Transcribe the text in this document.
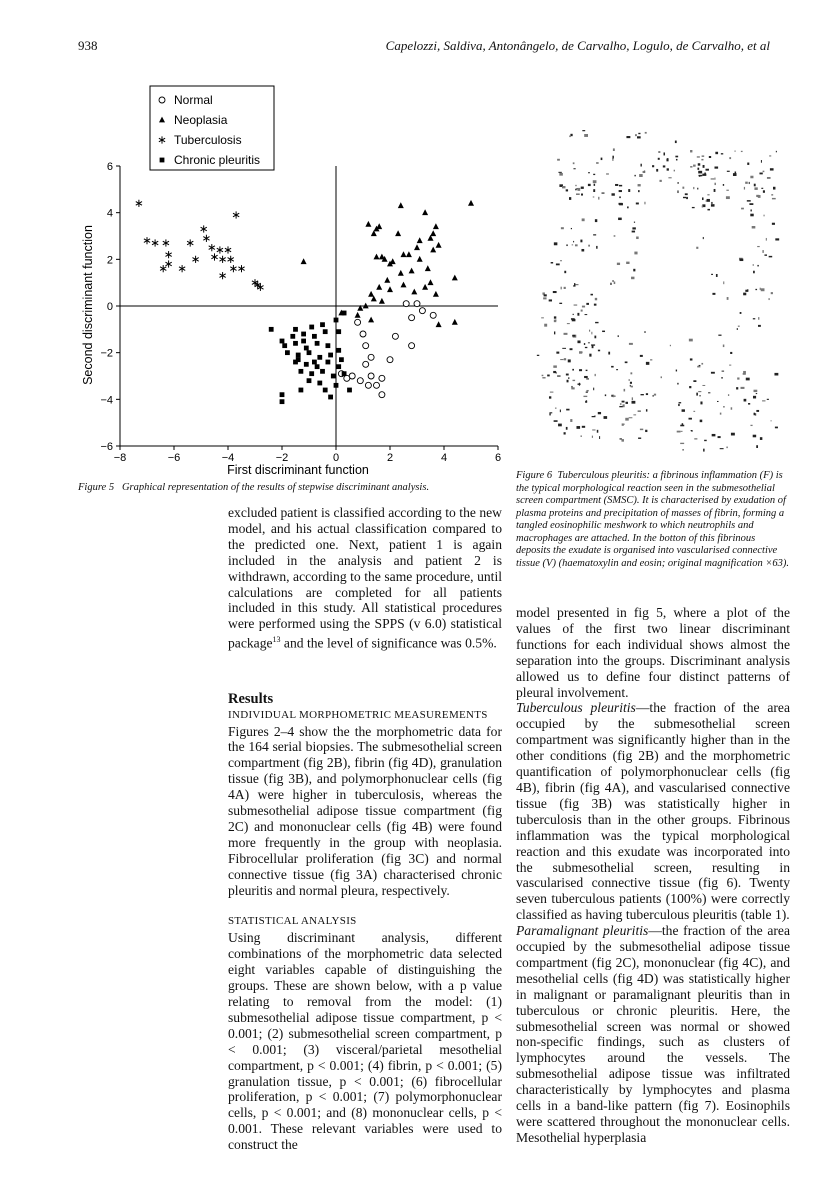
938	Capelozzi, Saldiva, Antonângelo, de Carvalho, Logulo, de Carvalho, et al
Normal
Neoplasia
Tuberculosis
Chronic pleuritis
−8	−6	−4	−2	0	2	4	6
−6
−4
−2
0
2
4
6
First discriminant function
Second discriminant function
Figure 5 Graphical representation of the results of stepwise discriminant analysis.
Figure 6 Tuberculous pleuritis: a fibrinous inflammation (F) is the typical morphological reaction seen in the submesothelial screen compartment (SMSC). It is characterised by exudation of plasma proteins and precipitation of masses of fibrin, forming a tangled eosinophilic meshwork to which neutrophils and macrophages are attached. In the botton of this fibrinous deposits the exudate is organised into vascularised connective tissue (V) (haematoxylin and eosin; original magnification ×63).

excluded patient is classified according to the new model, and his actual classification compared to the predicted one. Next, patient 1 is again included in the analysis and patient 2 is withdrawn, according to the same procedure, until calculations are completed for all patients included in this study. All statistical procedures were performed using the SPPS (v 6.0) statistical package$^{13}$ and the level of significance was 0.5%.

Results

INDIVIDUAL MORPHOMETRIC MEASUREMENTS

Figures 2–4 show the the morphometric data for the 164 serial biopsies. The submesothelial screen compartment (fig 2B), fibrin (fig 4D), granulation tissue (fig 3B), and polymorphonuclear cells (fig 4A) were higher in tuberculosis, whereas the submesothelial adipose tissue compartment (fig 2C) and mononuclear cells (fig 4B) were found more frequently in the group with neoplasia. Fibrocellular proliferation (fig 3C) and normal connective tissue (fig 3A) characterised chronic pleuritis and normal pleura, respectively.

STATISTICAL ANALYSIS

Using discriminant analysis, different combinations of the morphometric data selected eight variables capable of distinguishing the groups. These are shown below, with a p value relating to removal from the model: (1) submesothelial adipose tissue compartment, p < 0.001; (2) submesothelial screen compartment, p < 0.001; (3) visceral/parietal mesothelial compartment, p < 0.001; (4) fibrin, p < 0.001; (5) granulation tissue, p < 0.001; (6) fibrocellular proliferation, p < 0.001; (7) polymorphonuclear cells, p < 0.001; and (8) mononuclear cells, p < 0.001. These relevant variables were used to construct the

model presented in fig 5, where a plot of the values of the first two linear discriminant functions for each individual shows almost the separation into the groups. Discriminant analysis allowed us to define four distinct patterns of pleural involvement.

Tuberculous pleuritis—the fraction of the area occupied by the submesothelial screen compartment was significantly higher than in the other conditions (fig 2B) and the morphometric quantification of polymorphonuclear cells (fig 4B), fibrin (fig 4A), and vascularised connective tissue (fig 3B) was statistically higher in tuberculosis than in the other groups. Fibrinous inflammation was the typical morphological reaction and this exudate was incorporated into the submesothelial screen, resulting in vascularised connective tissue (fig 6). Twenty seven tuberculous patients (100%) were correctly classified as having tuberculous pleuritis (table 1).

Paramalignant pleuritis—the fraction of the area occupied by the submesothelial adipose tissue compartment (fig 2C), mononuclear (fig 4C), and mesothelial cells (fig 4D) was statistically higher in malignant or paramalignant pleuritis than in tuberculous or chronic pleuritis. Here, the submesothelial screen was normal or showed non-specific findings, such as clusters of lymphocytes around the vessels. The submesothelial adipose tissue was infiltrated characteristically by lymphocytes and plasma cells in a band-like pattern (fig 7). Eosinophils were scattered throughout the mononuclear cells. Mesothelial hyperplasia
